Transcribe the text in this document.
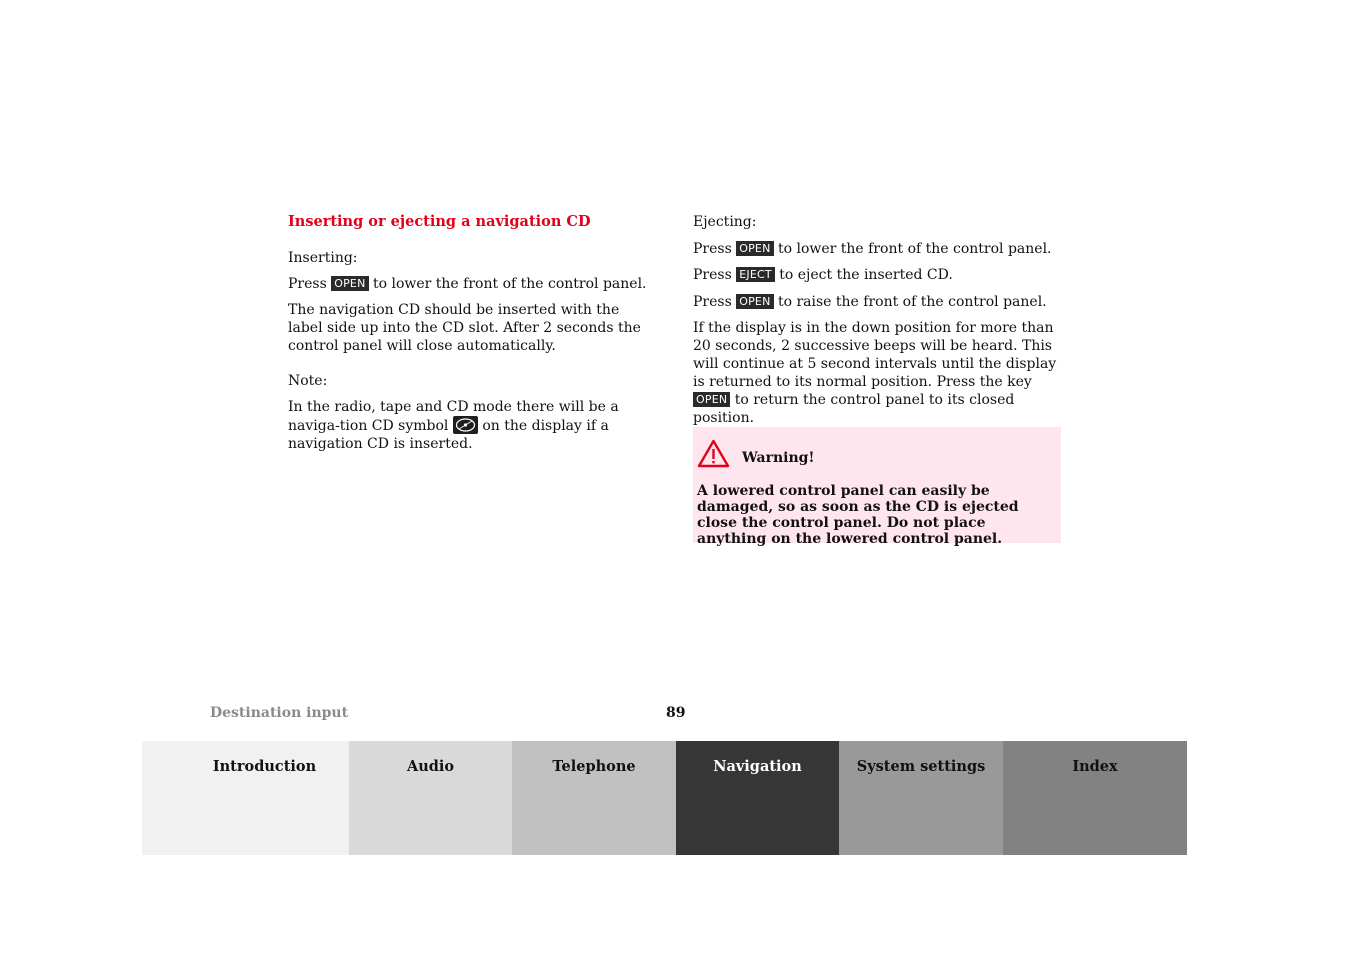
Inserting or ejecting a navigation CD

Inserting:

Press OPEN to lower the front of the control panel.

The navigation CD should be inserted with the label side up into the CD slot. After 2 seconds the control panel will close automatically.

Note:

In the radio, tape and CD mode there will be a naviga-tion CD symbol on the display if a navigation CD is inserted.

Ejecting:

Press OPEN to lower the front of the control panel.

Press EJECT to eject the inserted CD.

Press OPEN to raise the front of the control panel.

If the display is in the down position for more than 20 seconds, 2 successive beeps will be heard. This will continue at 5 second intervals until the display is returned to its normal position. Press the key OPEN to return the control panel to its closed position.

Warning!
A lowered control panel can easily be damaged, so as soon as the CD is ejected close the control panel. Do not place anything on the lowered control panel.
Destination input	89
Introduction	Audio	Telephone	Navigation	System settings	Index
